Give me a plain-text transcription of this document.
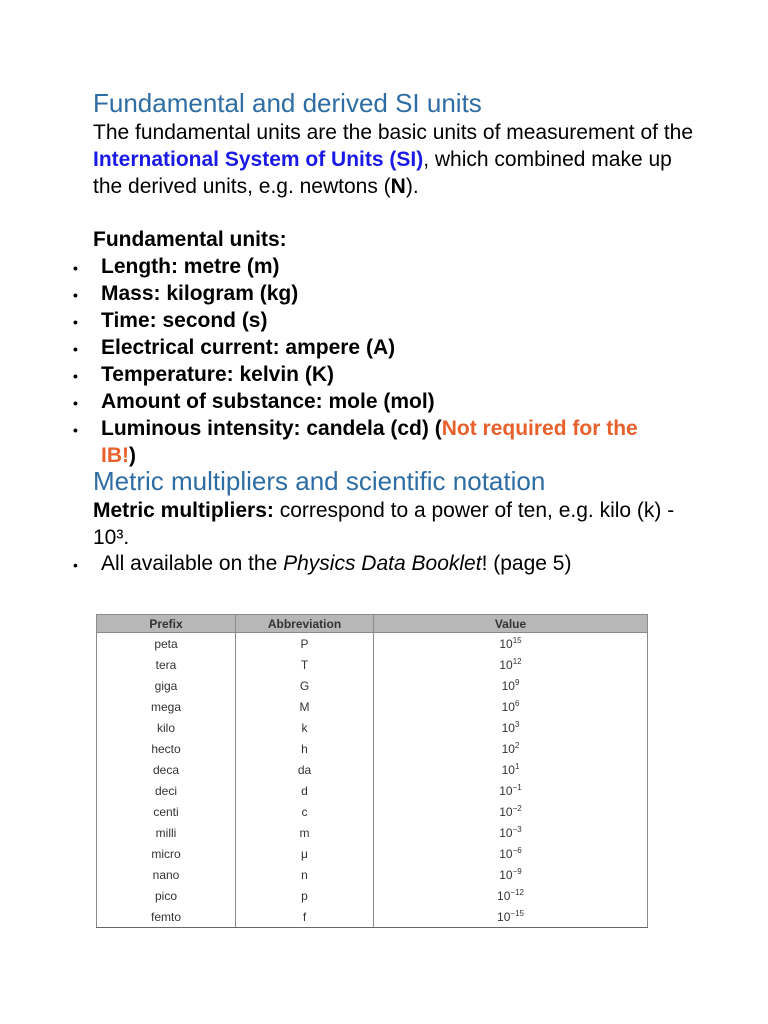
Fundamental and derived SI units

The fundamental units are the basic units of measurement of the International System of Units (SI), which combined make up the derived units, e.g. newtons (N).

Fundamental units:

• Length: metre (m)
• Mass: kilogram (kg)
• Time: second (s)
• Electrical current: ampere (A)
• Temperature: kelvin (K)
• Amount of substance: mole (mol)
• Luminous intensity: candela (cd) (Not required for the IB!)
Metric multipliers and scientific notation

Metric multipliers: correspond to a power of ten, e.g. kilo (k) - 10³.

• All available on the Physics Data Booklet! (page 5)
Prefix	Abbreviation	Value
peta	P	$10^{15}$
tera	T	$10^{12}$
giga	G	$10^9$
mega	M	$10^6$
kilo	k	$10^3$
hecto	h	$10^2$
deca	da	$10^1$
deci	d	$10^{-1}$
centi	c	$10^{-2}$
milli	m	$10^{-3}$
micro	μ	$10^{-6}$
nano	n	$10^{-9}$
pico	p	$10^{-12}$
femto	f	$10^{-15}$
